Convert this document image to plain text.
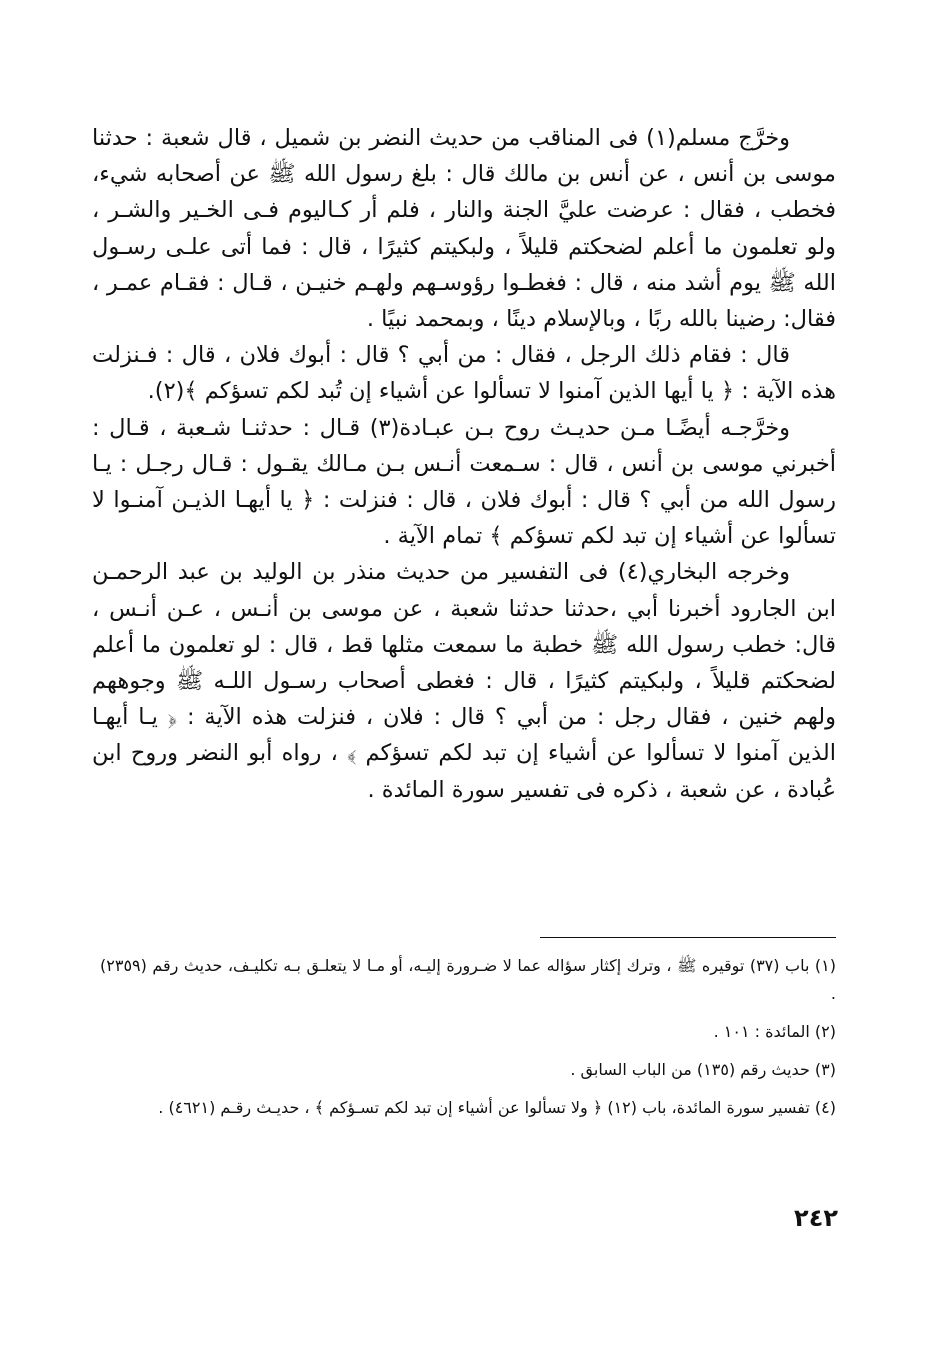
وخرَّج مسلم(١) فى المناقب من حديث النضر بن شميل ، قال شعبة : حدثنا موسى بن أنس ، عن أنس بن مالك قال : بلغ رسول الله ﷺ عن أصحابه شيء، فخطب ، فقال : عرضت عليَّ الجنة والنار ، فلم أر كـاليوم فـى الخـير والشـر ، ولو تعلمون ما أعلم لضحكتم قليلاً ، ولبكيتم كثيرًا ، قال : فما أتى علـى رسـول الله ﷺ يوم أشد منه ، قال : فغطـوا رؤوسـهم ولهـم خنيـن ، قـال : فقـام عمـر ، فقال: رضينا بالله ربًا ، وبالإسلام دينًا ، وبمحمد نبيًا .

قال : فقام ذلك الرجل ، فقال : من أبي ؟ قال : أبوك فلان ، قال : فـنزلت هذه الآية : ﴿ يا أيها الذين آمنوا لا تسألوا عن أشياء إن تُبد لكم تسؤكم ﴾(٢).

وخرَّجـه أيضًـا مـن حديـث روح بـن عبـادة(٣) قـال : حدثنـا شـعبة ، قـال : أخبرني موسى بن أنس ، قال : سـمعت أنـس بـن مـالك يقـول : قـال رجـل : يـا رسول الله من أبي ؟ قال : أبوك فلان ، قال : فنزلت : ﴿ يا أيهـا الذيـن آمنـوا لا تسألوا عن أشياء إن تبد لكم تسؤكم ﴾ تمام الآية .

وخرجه البخاري(٤) فى التفسير من حديث منذر بن الوليد بن عبد الرحمـن ابن الجارود أخبرنا أبي ،حدثنا حدثنا شعبة ، عن موسى بن أنـس ، عـن أنـس ، قال: خطب رسول الله ﷺ خطبة ما سمعت مثلها قط ، قال : لو تعلمون ما أعلم لضحكتم قليلاً ، ولبكيتم كثيرًا ، قال : فغطى أصحاب رسـول اللـه ﷺ وجوههم ولهم خنين ، فقال رجل : من أبي ؟ قال : فلان ، فنزلت هذه الآية : ﴿ يـا أيهـا الذين آمنوا لا تسألوا عن أشياء إن تبد لكم تسؤكم ﴾ ، رواه أبو النضر وروح ابن عُبادة ، عن شعبة ، ذكره فى تفسير سورة المائدة .

(١) باب (٣٧) توقيره ﷺ ، وترك إكثار سؤاله عما لا ضـرورة إليـه، أو مـا لا يتعلـق بـه تكليـف، حديث رقم (٢٣٥٩) .

(٢) المائدة : ١٠١ .

(٣) حديث رقم (١٣٥) من الباب السابق .

(٤) تفسير سورة المائدة، باب (١٢) ﴿ ولا تسألوا عن أشياء إن تبد لكم تسـؤكم ﴾ ، حديـث رقـم (٤٦٢١) .

٢٤٢
